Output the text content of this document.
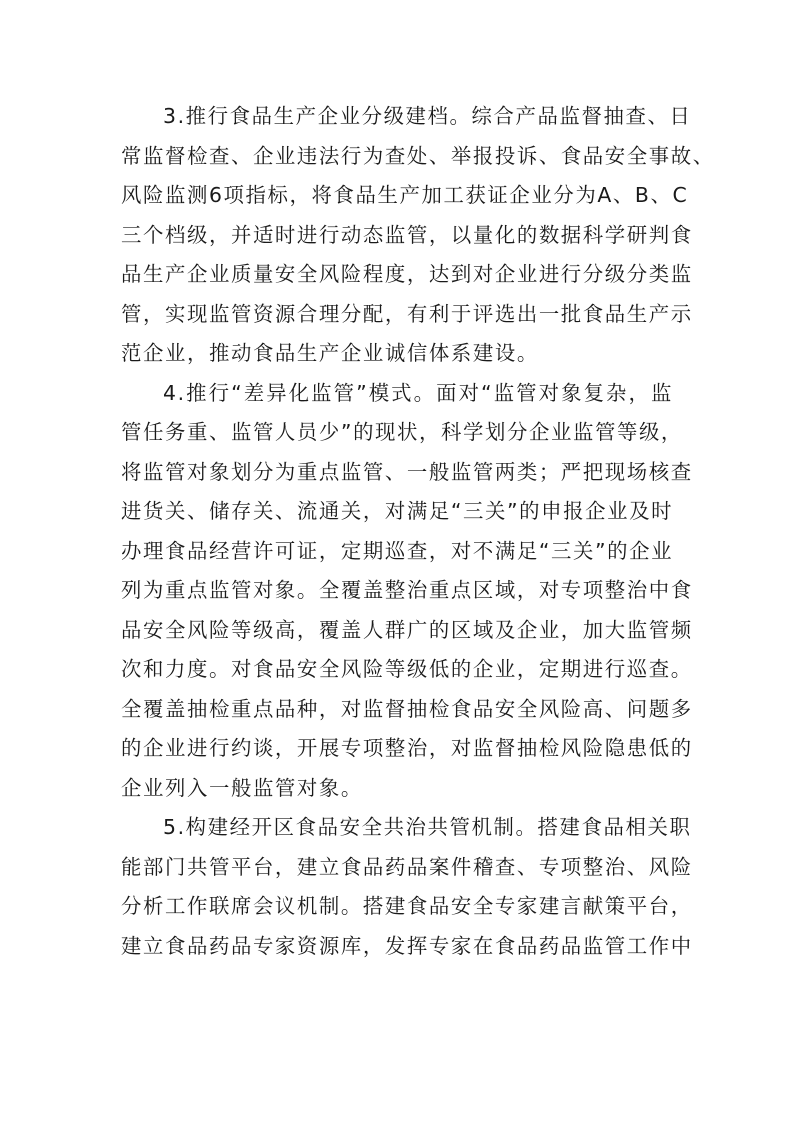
3.推行食品生产企业分级建档。综合产品监督抽查、日
常监督检查、企业违法行为查处、举报投诉、食品安全事故、
风险监测6项指标，将食品生产加工获证企业分为A、B、C
三个档级，并适时进行动态监管，以量化的数据科学研判食
品生产企业质量安全风险程度，达到对企业进行分级分类监
管，实现监管资源合理分配，有利于评选出一批食品生产示
范企业，推动食品生产企业诚信体系建设。
4.推行“差异化监管”模式。面对“监管对象复杂，监
管任务重、监管人员少”的现状，科学划分企业监管等级，
将监管对象划分为重点监管、一般监管两类；严把现场核查
进货关、储存关、流通关，对满足“三关”的申报企业及时
办理食品经营许可证，定期巡查，对不满足“三关”的企业
列为重点监管对象。全覆盖整治重点区域，对专项整治中食
品安全风险等级高，覆盖人群广的区域及企业，加大监管频
次和力度。对食品安全风险等级低的企业，定期进行巡查。
全覆盖抽检重点品种，对监督抽检食品安全风险高、问题多
的企业进行约谈，开展专项整治，对监督抽检风险隐患低的
企业列入一般监管对象。
5.构建经开区食品安全共治共管机制。搭建食品相关职
能部门共管平台，建立食品药品案件稽查、专项整治、风险
分析工作联席会议机制。搭建食品安全专家建言献策平台，
建立食品药品专家资源库，发挥专家在食品药品监管工作中
